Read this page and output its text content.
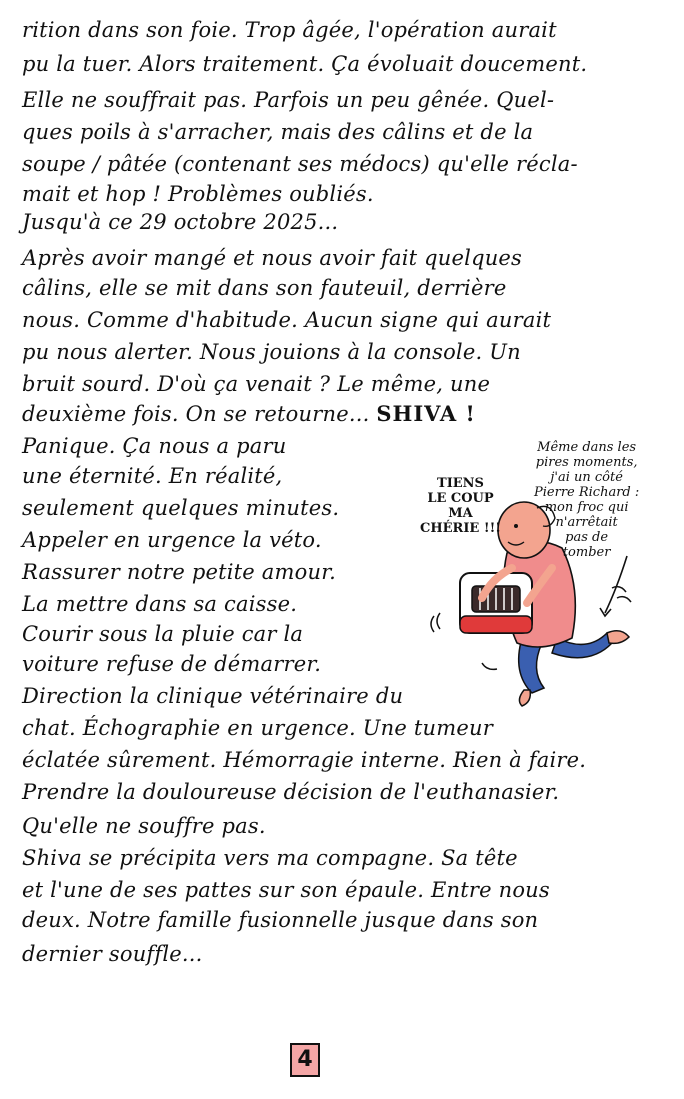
rition dans son foie. Trop âgée, l'opération aurait
pu la tuer. Alors traitement. Ça évoluait doucement.
Elle ne souffrait pas. Parfois un peu gênée. Quel-
ques poils à s'arracher, mais des câlins et de la
soupe / pâtée (contenant ses médocs) qu'elle récla-
mait et hop ! Problèmes oubliés.
Jusqu'à ce 29 octobre 2025...
Après avoir mangé et nous avoir fait quelques
câlins, elle se mit dans son fauteuil, derrière
nous. Comme d'habitude. Aucun signe qui aurait
pu nous alerter. Nous jouions à la console. Un
bruit sourd. D'où ça venait ? Le même, une
deuxième fois. On se retourne... SHIVA !
Panique. Ça nous a paru
une éternité. En réalité,
seulement quelques minutes.
Appeler en urgence la véto.
Rassurer notre petite amour.
La mettre dans sa caisse.
Courir sous la pluie car la
voiture refuse de démarrer.
Direction la clinique vétérinaire du
chat. Échographie en urgence. Une tumeur
éclatée sûrement. Hémorragie interne. Rien à faire.
Prendre la douloureuse décision de l'euthanasier.
Qu'elle ne souffre pas.
Shiva se précipita vers ma compagne. Sa tête
et l'une de ses pattes sur son épaule. Entre nous
deux. Notre famille fusionnelle jusque dans son
dernier souffle...
TIENS
LE COUP
MA
CHÉRIE !!!
Même dans les
pires moments,
j'ai un côté
Pierre Richard :
mon froc qui
n'arrêtait
pas de
tomber
4
